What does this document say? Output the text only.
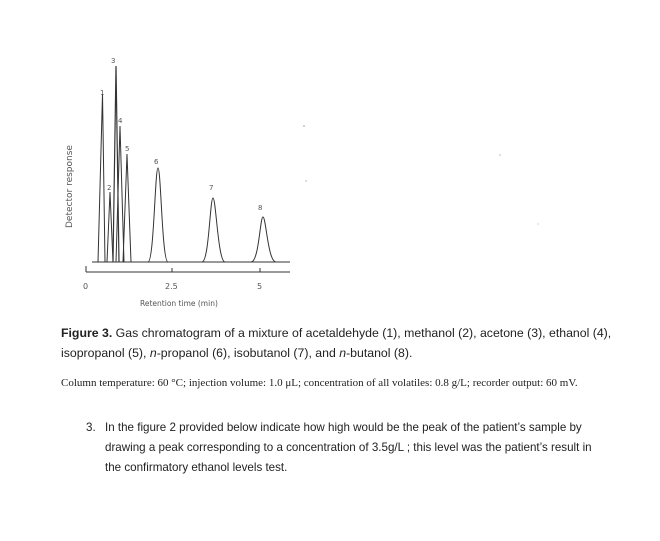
Detector response
1
2
3
4
5
6
7
8
0	2.5	5
Retention time (min)
Figure 3. Gas chromatogram of a mixture of acetaldehyde (1), methanol (2), acetone (3), ethanol (4), isopropanol (5), n-propanol (6), isobutanol (7), and n-butanol (8).
Column temperature: 60 °C; injection volume: 1.0 μL; concentration of all volatiles: 0.8 g/L; recorder output: 60 mV.
3. In the figure 2 provided below indicate how high would be the peak of the patient’s sample by drawing a peak corresponding to a concentration of 3.5g/L ; this level was the patient’s result in the confirmatory ethanol levels test.
